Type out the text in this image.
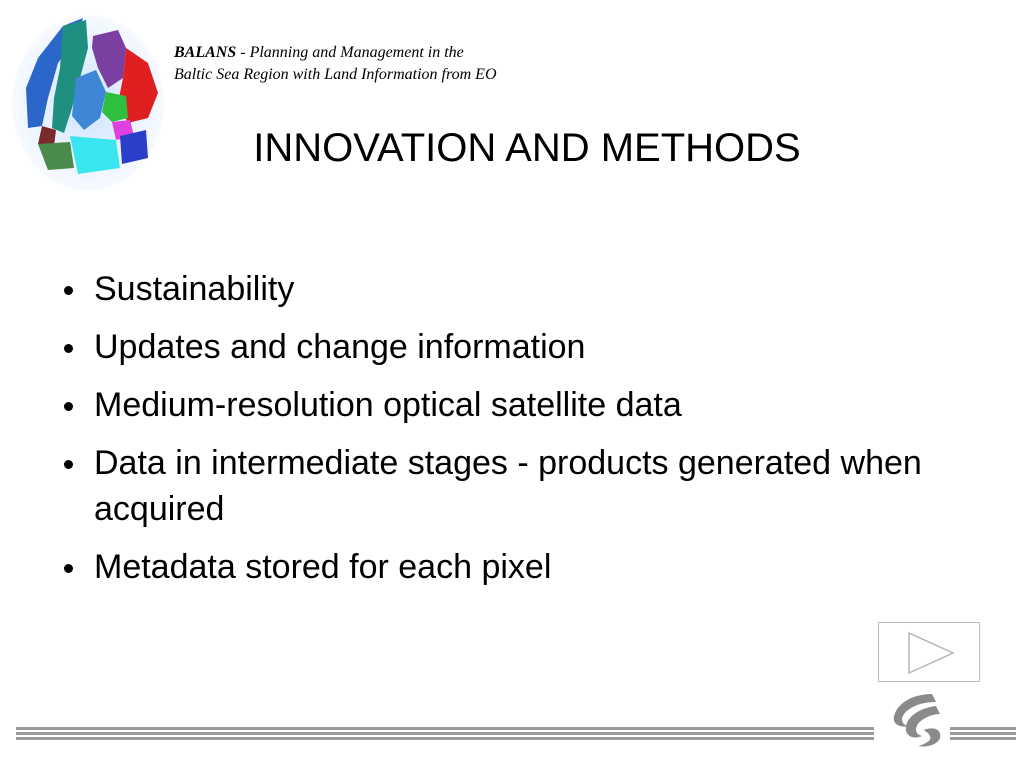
BALANS - Planning and Management in the
Baltic Sea Region with Land Information from EO
INNOVATION AND METHODS
Sustainability
Updates and change information
Medium-resolution optical satellite data
Data in intermediate stages - products generated when acquired
Metadata stored for each pixel
